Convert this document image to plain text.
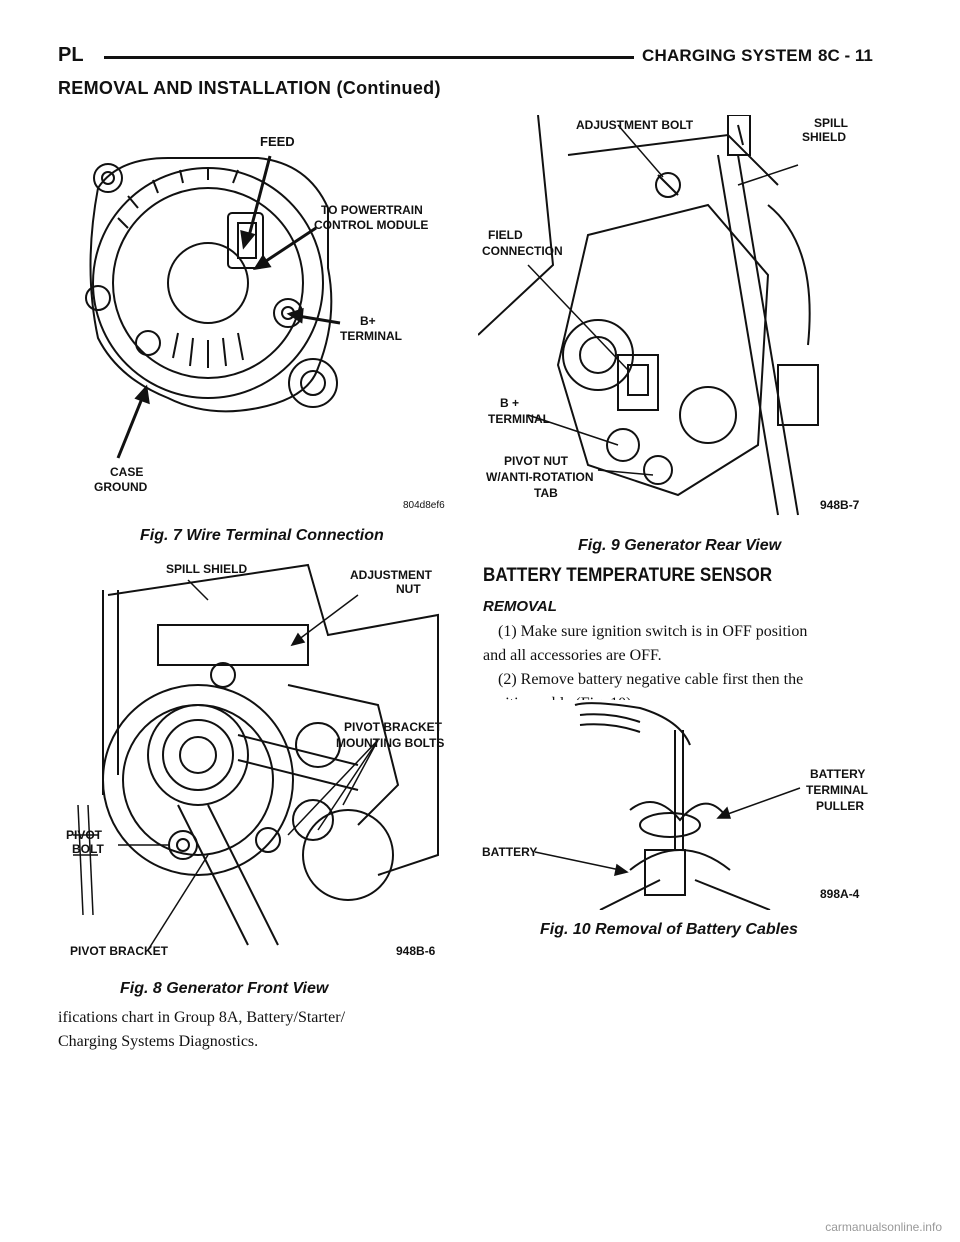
PL	CHARGING SYSTEM 8C - 11
REMOVAL AND INSTALLATION (Continued)
FEED
TO POWERTRAIN
CONTROL MODULE
B+
TERMINAL
CASE
GROUND
804d8ef6
Fig. 7 Wire Terminal Connection
SPILL SHIELD	ADJUSTMENT
NUT
PIVOT BRACKET
MOUNTING BOLTS
PIVOT
BOLT
PIVOT BRACKET	948B-6
Fig. 8 Generator Front View
ifications chart in Group 8A, Battery/Starter/
Charging Systems Diagnostics.
ADJUSTMENT BOLT	SPILL
SHIELD
FIELD
CONNECTION
B +
TERMINAL
PIVOT NUT
W/ANTI-ROTATION
TAB
948B-7
Fig. 9 Generator Rear View
BATTERY TEMPERATURE SENSOR
REMOVAL
(1) Make sure ignition switch is in OFF position
and all accessories are OFF.
(2) Remove battery negative cable first then the
positive cable (Fig. 10).
BATTERY
TERMINAL
PULLER
BATTERY
898A-4
Fig. 10 Removal of Battery Cables
carmanualsonline.info
